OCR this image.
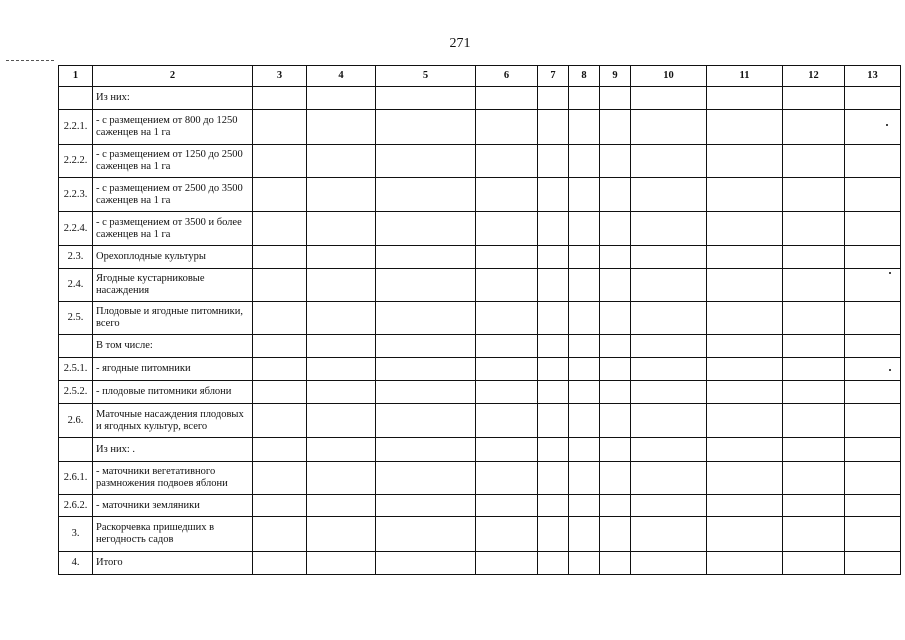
271
1	2	3	4	5	6	7	8	9	10	11	12	13
	Из них:											
2.2.1.	- с размещением от 800 до 1250 саженцев на 1 га											
2.2.2.	- с размещением от 1250 до 2500 саженцев на 1 га											
2.2.3.	- с размещением от 2500 до 3500 саженцев на 1 га											
2.2.4.	- с размещением от 3500 и более саженцев на 1 га											
2.3.	Орехоплодные культуры											
2.4.	Ягодные кустарниковые насаждения											
2.5.	Плодовые и ягодные питомники, всего											
	В том числе:											
2.5.1.	- ягодные питомники											
2.5.2.	- плодовые питомники яблони											
2.6.	Маточные насаждения плодовых и ягодных культур, всего											
	Из них: .											
2.6.1.	- маточники вегетативного размножения подвоев яблони											
2.6.2.	- маточники земляники											
3.	Раскорчевка пришедших в негодность садов											
4.	Итого											
